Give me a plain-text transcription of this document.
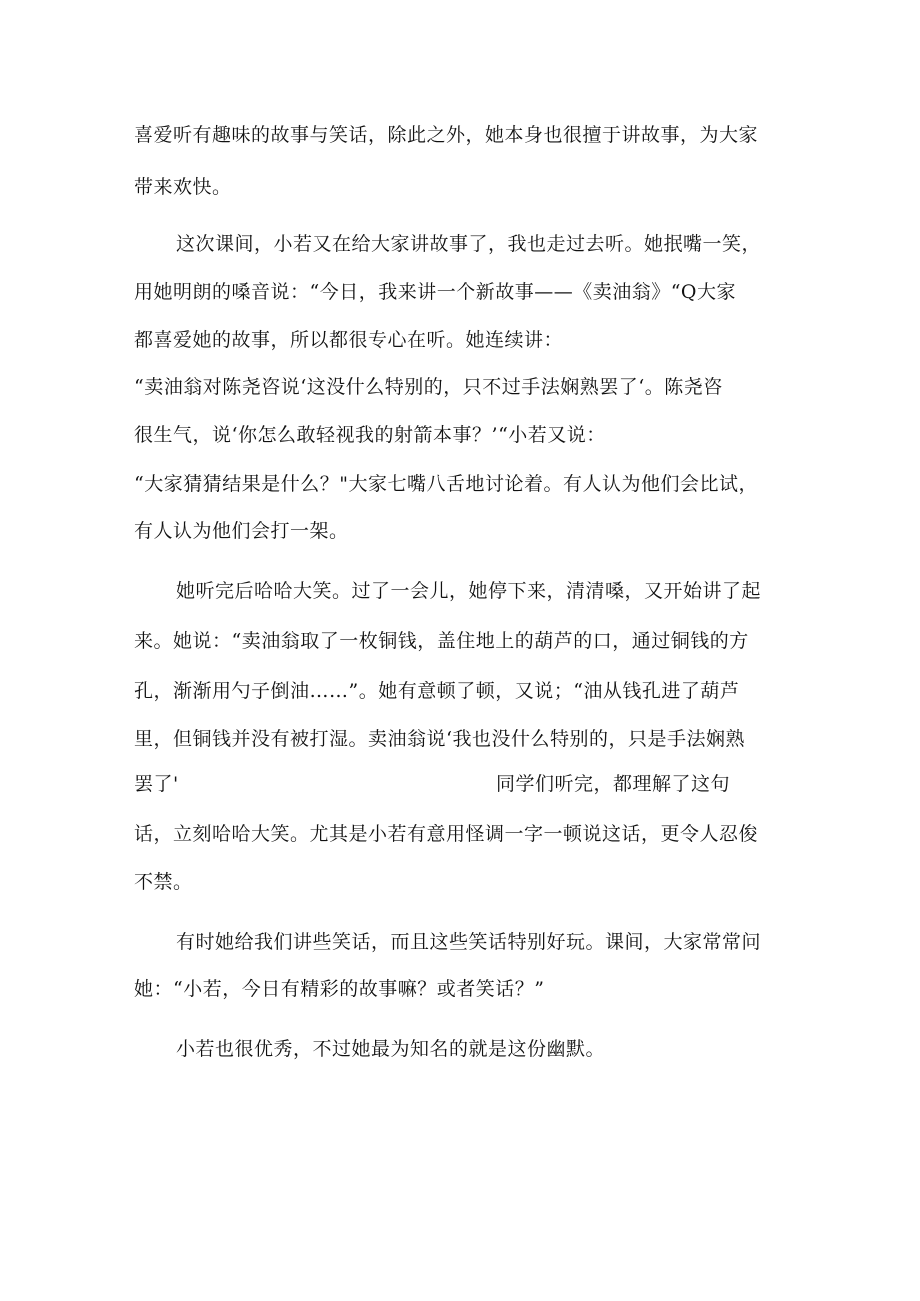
喜爱听有趣味的故事与笑话，除此之外，她本身也很擅于讲故事，为大家
带来欢快。
这次课间，小若又在给大家讲故事了，我也走过去听。她抿嘴一笑，
用她明朗的嗓音说：“今日，我来讲一个新故事——《卖油翁》“Q大家
都喜爱她的故事，所以都很专心在听。她连续讲：
“卖油翁对陈尧咨说‘这没什么特别的，只不过手法娴熟罢了‘。陈尧咨
很生气，说‘你怎么敢轻视我的射箭本事？’“小若又说：
“大家猜猜结果是什么？"大家七嘴八舌地讨论着。有人认为他们会比试，
有人认为他们会打一架。
她听完后哈哈大笑。过了一会儿，她停下来，清清嗓，又开始讲了起
来。她说：“卖油翁取了一枚铜钱，盖住地上的葫芦的口，通过铜钱的方
孔，渐渐用勺子倒油……”。她有意顿了顿，又说；“油从钱孔进了葫芦
里，但铜钱并没有被打湿。卖油翁说‘我也没什么特别的，只是手法娴熟
罢了'	同学们听完，都理解了这句
话，立刻哈哈大笑。尤其是小若有意用怪调一字一顿说这话，更令人忍俊
不禁。
有时她给我们讲些笑话，而且这些笑话特别好玩。课间，大家常常问
她：“小若，今日有精彩的故事嘛？或者笑话？”
小若也很优秀，不过她最为知名的就是这份幽默。
